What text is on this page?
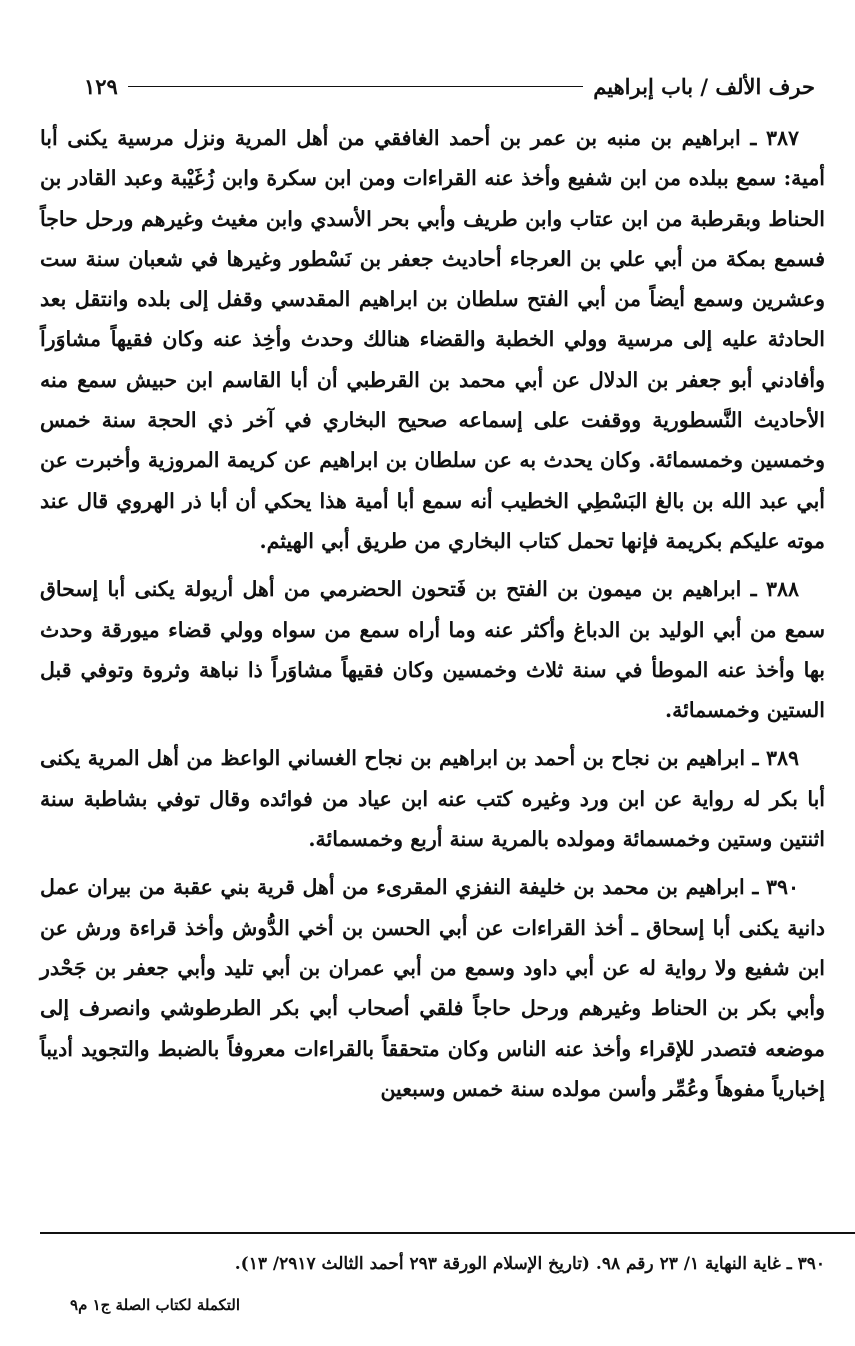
حرف الألف / باب إبراهيم
١٢٩

٣٨٧ ـ ابراهيم بن منبه بن عمر بن أحمد الغافقي من أهل المرية ونزل مرسية يكنى أبا أمية: سمع ببلده من ابن شفيع وأخذ عنه القراءات ومن ابن سكرة وابن زُغَيْبة وعبد القادر بن الحناط وبقرطبة من ابن عتاب وابن طريف وأبي بحر الأسدي وابن مغيث وغيرهم ورحل حاجاً فسمع بمكة من أبي علي بن العرجاء أحاديث جعفر بن نَسْطور وغيرها في شعبان سنة ست وعشرين وسمع أيضاً من أبي الفتح سلطان بن ابراهيم المقدسي وقفل إلى بلده وانتقل بعد الحادثة عليه إلى مرسية وولي الخطبة والقضاء هنالك وحدث وأخِذ عنه وكان فقيهاً مشاوَراً وأفادني أبو جعفر بن الدلال عن أبي محمد بن القرطبي أن أبا القاسم ابن حبيش سمع منه الأحاديث النَّسطورية ووقفت على إسماعه صحيح البخاري في آخر ذي الحجة سنة خمس وخمسين وخمسمائة. وكان يحدث به عن سلطان بن ابراهيم عن كريمة المروزية وأخبرت عن أبي عبد الله بن بالغ البَسْطِي الخطيب أنه سمع أبا أمية هذا يحكي أن أبا ذر الهروي قال عند موته عليكم بكريمة فإنها تحمل كتاب البخاري من طريق أبي الهيثم.

٣٨٨ ـ ابراهيم بن ميمون بن الفتح بن فَتحون الحضرمي من أهل أريولة يكنى أبا إسحاق سمع من أبي الوليد بن الدباغ وأكثر عنه وما أراه سمع من سواه وولي قضاء ميورقة وحدث بها وأخذ عنه الموطأ في سنة ثلاث وخمسين وكان فقيهاً مشاوَراً ذا نباهة وثروة وتوفي قبل الستين وخمسمائة.

٣٨٩ ـ ابراهيم بن نجاح بن أحمد بن ابراهيم بن نجاح الغساني الواعظ من أهل المرية يكنى أبا بكر له رواية عن ابن ورد وغيره كتب عنه ابن عياد من فوائده وقال توفي بشاطبة سنة اثنتين وستين وخمسمائة ومولده بالمرية سنة أربع وخمسمائة.

٣٩٠ ـ ابراهيم بن محمد بن خليفة النفزي المقرىء من أهل قرية بني عقبة من بيران عمل دانية يكنى أبا إسحاق ـ أخذ القراءات عن أبي الحسن بن أخي الدُّوش وأخذ قراءة ورش عن ابن شفيع ولا رواية له عن أبي داود وسمع من أبي عمران بن أبي تليد وأبي جعفر بن جَحْدر وأبي بكر بن الحناط وغيرهم ورحل حاجاً فلقي أصحاب أبي بكر الطرطوشي وانصرف إلى موضعه فتصدر للإقراء وأخذ عنه الناس وكان متحققاً بالقراءات معروفاً بالضبط والتجويد أديباً إخبارياً مفوهاً وعُمِّر وأسن مولده سنة خمس وسبعين

٣٩٠ ـ غاية النهاية ١/ ٢٣ رقم ٩٨. (تاريخ الإسلام الورقة ٢٩٣ أحمد الثالث ٢٩١٧/ ١٣).
التكملة لكتاب الصلة ج١ م٩
